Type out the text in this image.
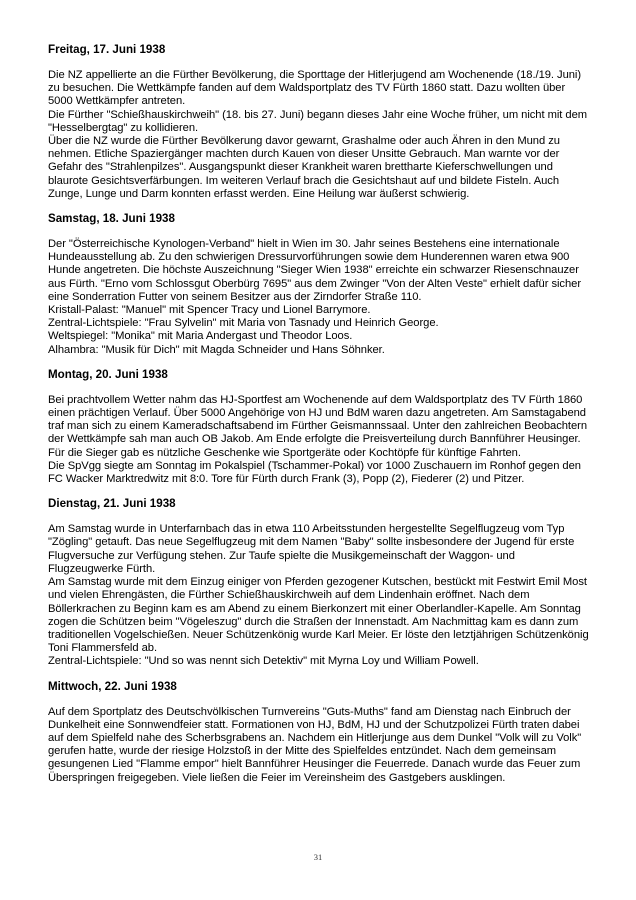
Freitag, 17. Juni 1938

Die NZ appellierte an die Fürther Bevölkerung, die Sporttage der Hitlerjugend am Wochenende (18./19. Juni) zu besuchen. Die Wettkämpfe fanden auf dem Waldsportplatz des TV Fürth 1860 statt. Dazu wollten über 5000 Wettkämpfer antreten.

Die Fürther "Schießhauskirchweih" (18. bis 27. Juni) begann dieses Jahr eine Woche früher, um nicht mit dem "Hesselbergtag" zu kollidieren.

Über die NZ wurde die Fürther Bevölkerung davor gewarnt, Grashalme oder auch Ähren in den Mund zu nehmen. Etliche Spaziergänger machten durch Kauen von dieser Unsitte Gebrauch. Man warnte vor der Gefahr des "Strahlenpilzes". Ausgangspunkt dieser Krankheit waren brettharte Kieferschwellungen und blaurote Gesichtsverfärbungen. Im weiteren Verlauf brach die Gesichtshaut auf und bildete Fisteln. Auch Zunge, Lunge und Darm konnten erfasst werden. Eine Heilung war äußerst schwierig.

Samstag, 18. Juni 1938

Der "Österreichische Kynologen-Verband" hielt in Wien im 30. Jahr seines Bestehens eine internationale Hundeausstellung ab. Zu den schwierigen Dressurvorführungen sowie dem Hunderennen waren etwa 900 Hunde angetreten. Die höchste Auszeichnung "Sieger Wien 1938" erreichte ein schwarzer Riesenschnauzer aus Fürth. "Erno vom Schlossgut Oberbürg 7695" aus dem Zwinger "Von der Alten Veste" erhielt dafür sicher eine Sonderration Futter von seinem Besitzer aus der Zirndorfer Straße 110.

Kristall-Palast: "Manuel" mit Spencer Tracy und Lionel Barrymore.

Zentral-Lichtspiele: "Frau Sylvelin" mit Maria von Tasnady und Heinrich George.

Weltspiegel: "Monika" mit Maria Andergast und Theodor Loos.

Alhambra: "Musik für Dich" mit Magda Schneider und Hans Söhnker.

Montag, 20. Juni 1938

Bei prachtvollem Wetter nahm das HJ-Sportfest am Wochenende auf dem Waldsportplatz des TV Fürth 1860 einen prächtigen Verlauf. Über 5000 Angehörige von HJ und BdM waren dazu angetreten. Am Samstagabend traf man sich zu einem Kameradschaftsabend im Fürther Geismannssaal. Unter den zahlreichen Beobachtern der Wettkämpfe sah man auch OB Jakob. Am Ende erfolgte die Preisverteilung durch Bannführer Heusinger. Für die Sieger gab es nützliche Geschenke wie Sportgeräte oder Kochtöpfe für künftige Fahrten.

Die SpVgg siegte am Sonntag im Pokalspiel (Tschammer-Pokal) vor 1000 Zuschauern im Ronhof gegen den FC Wacker Marktredwitz mit 8:0. Tore für Fürth durch Frank (3), Popp (2), Fiederer (2) und Pitzer.

Dienstag, 21. Juni 1938

Am Samstag wurde in Unterfarnbach das in etwa 110 Arbeitsstunden hergestellte Segelflugzeug vom Typ "Zögling" getauft. Das neue Segelflugzeug mit dem Namen "Baby" sollte insbesondere der Jugend für erste Flugversuche zur Verfügung stehen. Zur Taufe spielte die Musikgemeinschaft der Waggon- und Flugzeugwerke Fürth.

Am Samstag wurde mit dem Einzug einiger von Pferden gezogener Kutschen, bestückt mit Festwirt Emil Most und vielen Ehrengästen, die Fürther Schießhauskirchweih auf dem Lindenhain eröffnet. Nach dem Böllerkrachen zu Beginn kam es am Abend zu einem Bierkonzert mit einer Oberlandler-Kapelle. Am Sonntag zogen die Schützen beim "Vögeleszug" durch die Straßen der Innenstadt. Am Nachmittag kam es dann zum traditionellen Vogelschießen. Neuer Schützenkönig wurde Karl Meier. Er löste den letztjährigen Schützenkönig Toni Flammersfeld ab.

Zentral-Lichtspiele: "Und so was nennt sich Detektiv" mit Myrna Loy und William Powell.

Mittwoch, 22. Juni 1938

Auf dem Sportplatz des Deutschvölkischen Turnvereins "Guts-Muths" fand am Dienstag nach Einbruch der Dunkelheit eine Sonnwendfeier statt. Formationen von HJ, BdM, HJ und der Schutzpolizei Fürth traten dabei auf dem Spielfeld nahe des Scherbsgrabens an. Nachdem ein Hitlerjunge aus dem Dunkel "Volk will zu Volk" gerufen hatte, wurde der riesige Holzstoß in der Mitte des Spielfeldes entzündet. Nach dem gemeinsam gesungenen Lied "Flamme empor" hielt Bannführer Heusinger die Feuerrede. Danach wurde das Feuer zum Überspringen freigegeben. Viele ließen die Feier im Vereinsheim des Gastgebers ausklingen.

31
